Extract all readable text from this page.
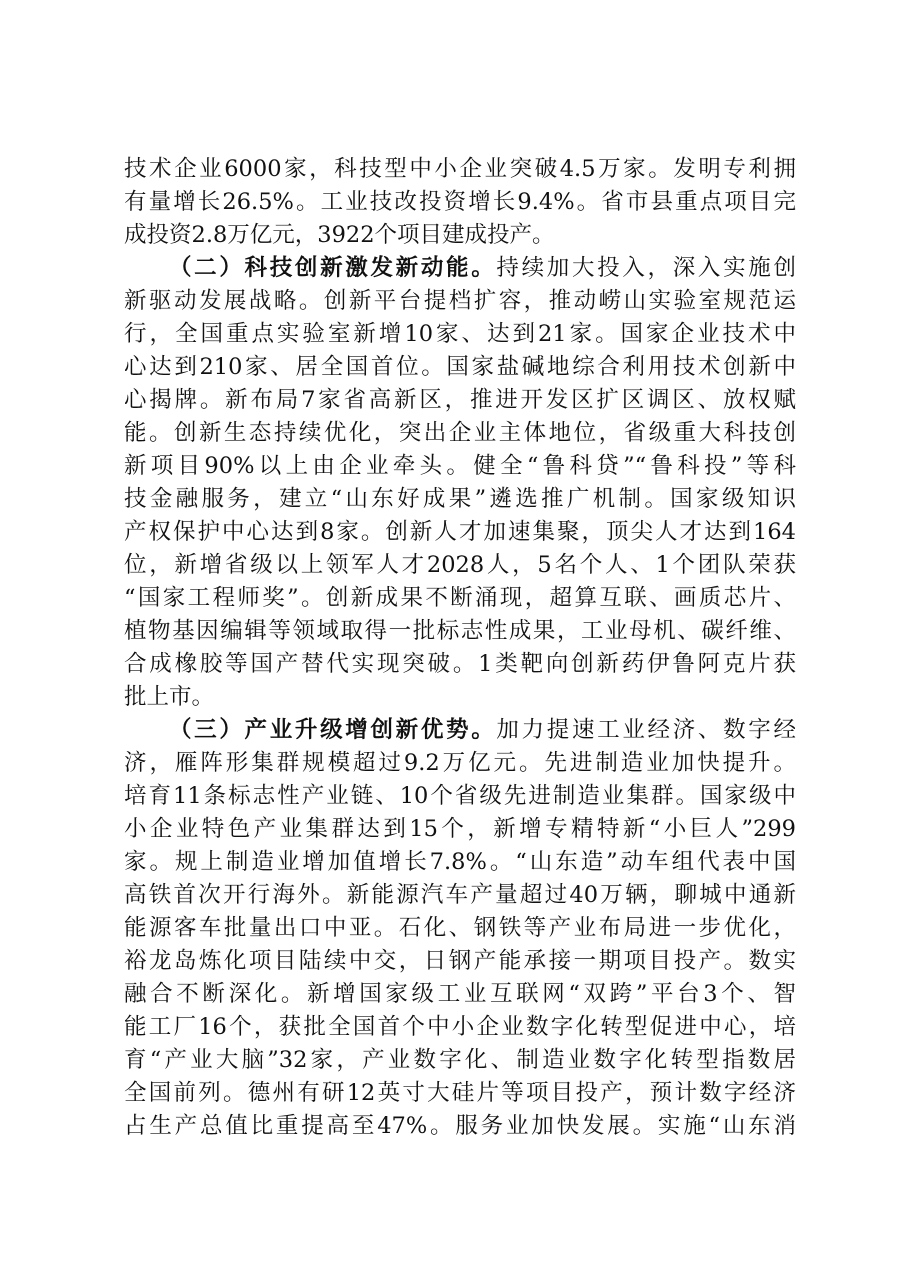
技术企业6000家，科技型中小企业突破4.5万家。发明专利拥
有量增长26.5%。工业技改投资增长9.4%。省市县重点项目完
成投资2.8万亿元，3922个项目建成投产。
（二）科技创新激发新动能。持续加大投入，深入实施创
新驱动发展战略。创新平台提档扩容，推动崂山实验室规范运
行，全国重点实验室新增10家、达到21家。国家企业技术中
心达到210家、居全国首位。国家盐碱地综合利用技术创新中
心揭牌。新布局7家省高新区，推进开发区扩区调区、放权赋
能。创新生态持续优化，突出企业主体地位，省级重大科技创
新项目90%以上由企业牵头。健全“鲁科贷”“鲁科投”等科
技金融服务，建立“山东好成果”遴选推广机制。国家级知识
产权保护中心达到8家。创新人才加速集聚，顶尖人才达到164
位，新增省级以上领军人才2028人，5名个人、1个团队荣获
“国家工程师奖”。创新成果不断涌现，超算互联、画质芯片、
植物基因编辑等领域取得一批标志性成果，工业母机、碳纤维、
合成橡胶等国产替代实现突破。1类靶向创新药伊鲁阿克片获
批上市。
（三）产业升级增创新优势。加力提速工业经济、数字经
济，雁阵形集群规模超过9.2万亿元。先进制造业加快提升。
培育11条标志性产业链、10个省级先进制造业集群。国家级中
小企业特色产业集群达到15个，新增专精特新“小巨人”299
家。规上制造业增加值增长7.8%。“山东造”动车组代表中国
高铁首次开行海外。新能源汽车产量超过40万辆，聊城中通新
能源客车批量出口中亚。石化、钢铁等产业布局进一步优化，
裕龙岛炼化项目陆续中交，日钢产能承接一期项目投产。数实
融合不断深化。新增国家级工业互联网“双跨”平台3个、智
能工厂16个，获批全国首个中小企业数字化转型促进中心，培
育“产业大脑”32家，产业数字化、制造业数字化转型指数居
全国前列。德州有研12英寸大硅片等项目投产，预计数字经济
占生产总值比重提高至47%。服务业加快发展。实施“山东消
